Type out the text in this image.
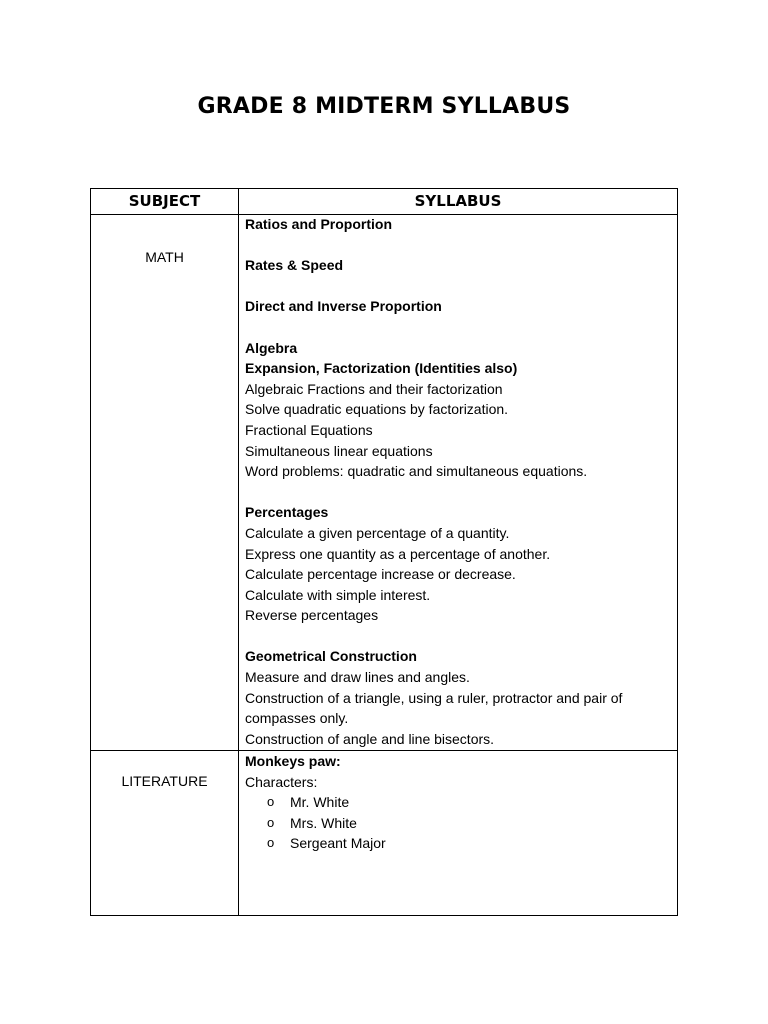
GRADE 8 MIDTERM SYLLABUS
SUBJECT	SYLLABUS
MATH
Ratios and Proportion
Rates & Speed
Direct and Inverse Proportion
Algebra
Expansion, Factorization (Identities also)
Algebraic Fractions and their factorization
Solve quadratic equations by factorization.
Fractional Equations
Simultaneous linear equations
Word problems: quadratic and simultaneous equations.
Percentages
Calculate a given percentage of a quantity.
Express one quantity as a percentage of another.
Calculate percentage increase or decrease.
Calculate with simple interest.
Reverse percentages
Geometrical Construction
Measure and draw lines and angles.
Construction of a triangle, using a ruler, protractor and pair of compasses only.
Construction of angle and line bisectors.
LITERATURE
Monkeys paw:
Characters:
o Mr. White
o Mrs. White
o Sergeant Major
